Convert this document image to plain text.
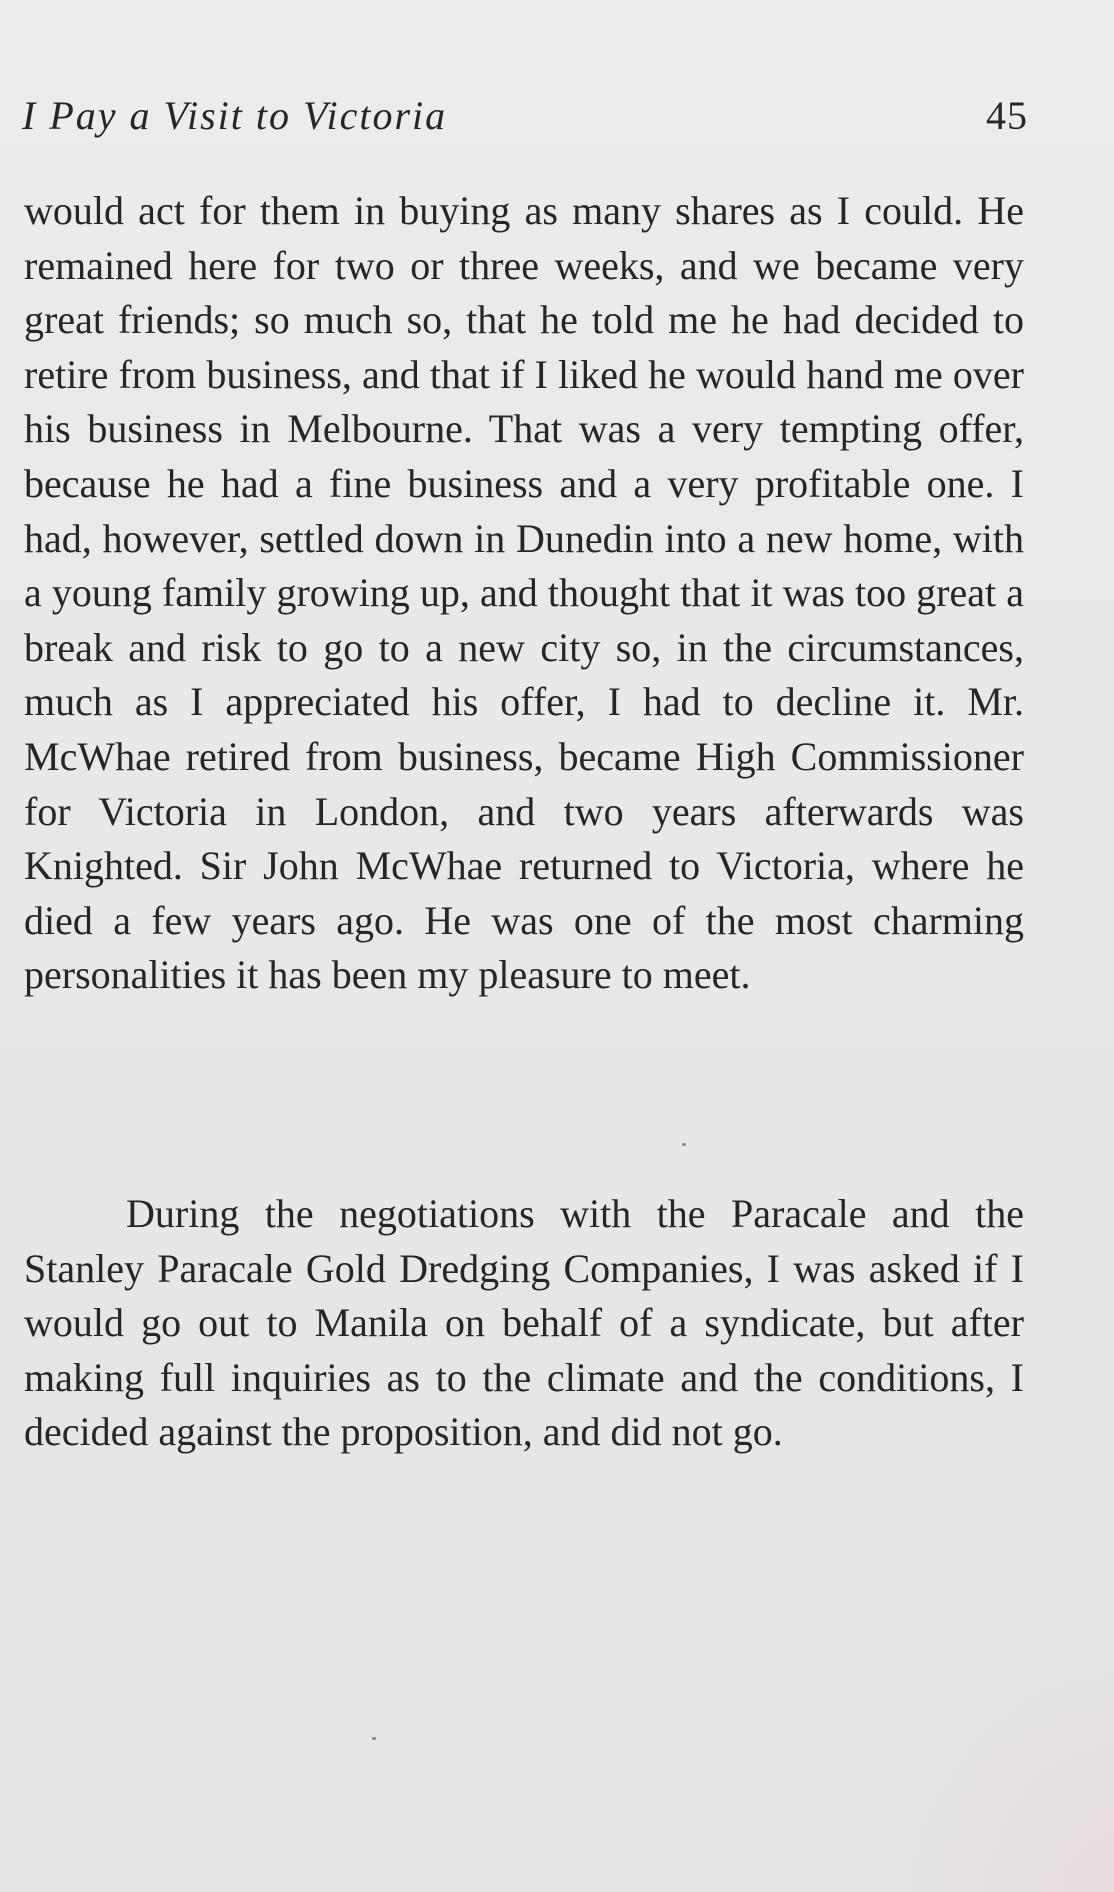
I Pay a Visit to Victoria	45

would act for them in buying as many shares as I could. He remained here for two or three weeks, and we became very great friends; so much so, that he told me he had decided to retire from business, and that if I liked he would hand me over his business in Melbourne. That was a very tempting offer, because he had a fine business and a very profitable one. I had, however, settled down in Dunedin into a new home, with a young family growing up, and thought that it was too great a break and risk to go to a new city so, in the circumstances, much as I appreciated his offer, I had to decline it. Mr. McWhae retired from business, became High Commissioner for Victoria in London, and two years afterwards was Knighted. Sir John McWhae returned to Victoria, where he died a few years ago. He was one of the most charming personalities it has been my pleasure to meet.

During the negotiations with the Paracale and the Stanley Paracale Gold Dredging Companies, I was asked if I would go out to Manila on behalf of a syndicate, but after making full inquiries as to the climate and the conditions, I decided against the proposition, and did not go.
